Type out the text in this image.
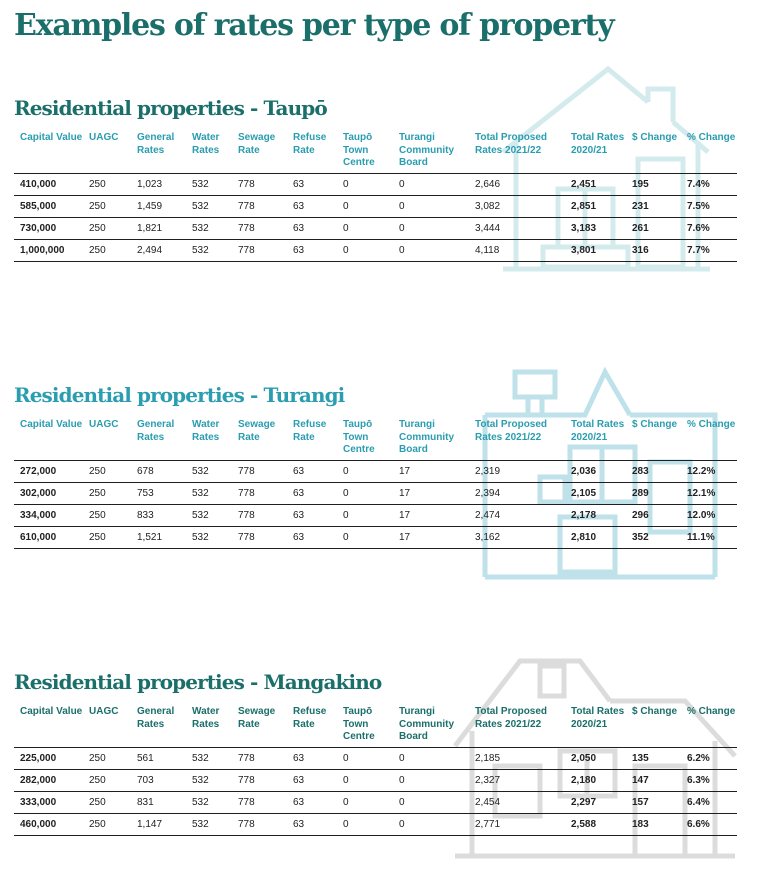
Examples of rates per type of property
Residential properties - Taupō
Capital Value	UAGC	General Rates	Water Rates	Sewage Rate	Refuse Rate	Taupō Town Centre	Turangi Community Board	Total Proposed Rates 2021/22	Total Rates 2020/21	$ Change	% Change
410,000	250	1,023	532	778	63	0	0	2,646	2,451	195	7.4%
585,000	250	1,459	532	778	63	0	0	3,082	2,851	231	7.5%
730,000	250	1,821	532	778	63	0	0	3,444	3,183	261	7.6%
1,000,000	250	2,494	532	778	63	0	0	4,118	3,801	316	7.7%
Residential properties - Turangi
Capital Value	UAGC	General Rates	Water Rates	Sewage Rate	Refuse Rate	Taupō Town Centre	Turangi Community Board	Total Proposed Rates 2021/22	Total Rates 2020/21	$ Change	% Change
272,000	250	678	532	778	63	0	17	2,319	2,036	283	12.2%
302,000	250	753	532	778	63	0	17	2,394	2,105	289	12.1%
334,000	250	833	532	778	63	0	17	2,474	2,178	296	12.0%
610,000	250	1,521	532	778	63	0	17	3,162	2,810	352	11.1%
Residential properties - Mangakino
Capital Value	UAGC	General Rates	Water Rates	Sewage Rate	Refuse Rate	Taupō Town Centre	Turangi Community Board	Total Proposed Rates 2021/22	Total Rates 2020/21	$ Change	% Change
225,000	250	561	532	778	63	0	0	2,185	2,050	135	6.2%
282,000	250	703	532	778	63	0	0	2,327	2,180	147	6.3%
333,000	250	831	532	778	63	0	0	2,454	2,297	157	6.4%
460,000	250	1,147	532	778	63	0	0	2,771	2,588	183	6.6%
